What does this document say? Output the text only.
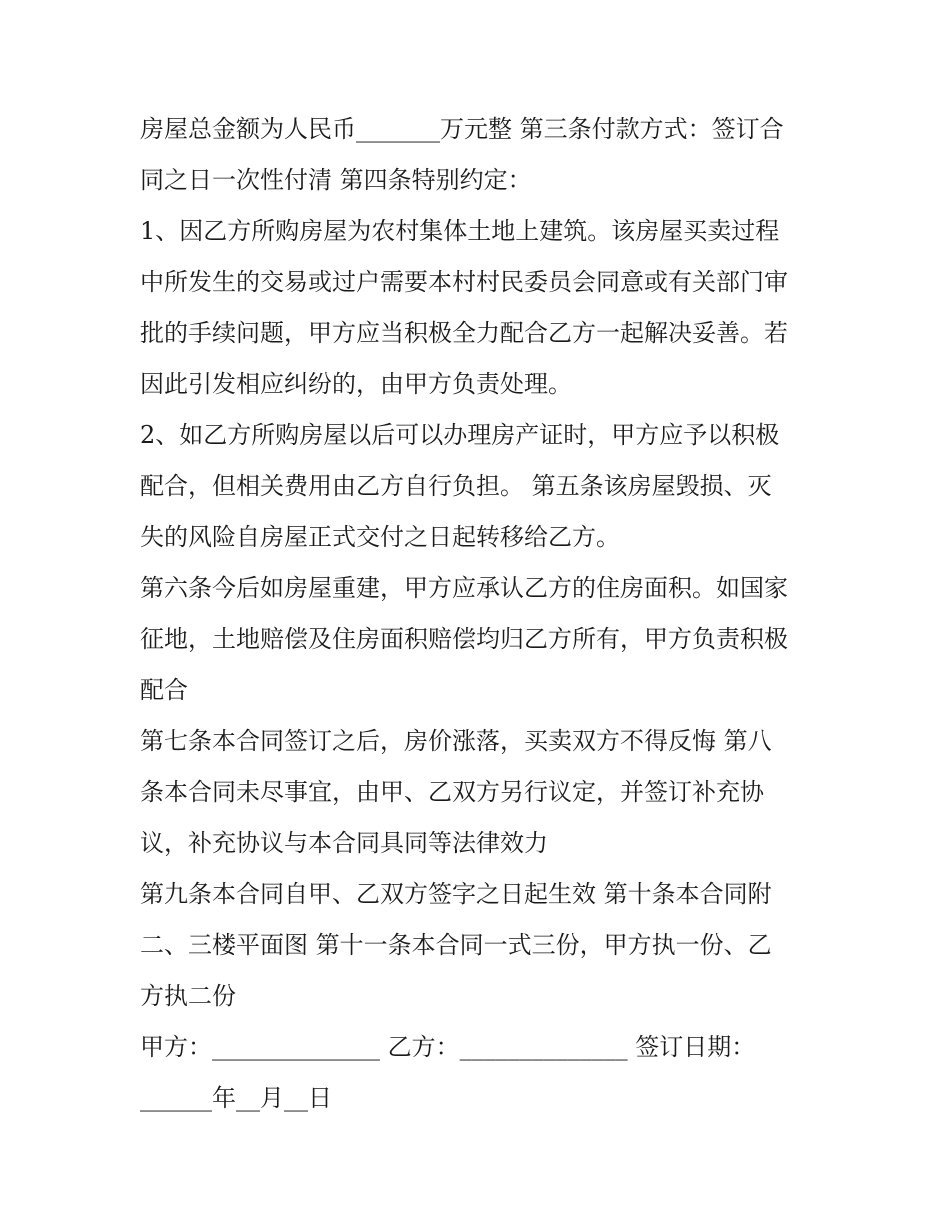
房屋总金额为人民币_______万元整 第三条付款方式：签订合
同之日一次性付清 第四条特别约定：
1、因乙方所购房屋为农村集体土地上建筑。该房屋买卖过程
中所发生的交易或过户需要本村村民委员会同意或有关部门审
批的手续问题，甲方应当积极全力配合乙方一起解决妥善。若
因此引发相应纠纷的，由甲方负责处理。
2、如乙方所购房屋以后可以办理房产证时，甲方应予以积极
配合，但相关费用由乙方自行负担。 第五条该房屋毁损、灭
失的风险自房屋正式交付之日起转移给乙方。
第六条今后如房屋重建，甲方应承认乙方的住房面积。如国家
征地，土地赔偿及住房面积赔偿均归乙方所有，甲方负责积极
配合
第七条本合同签订之后，房价涨落，买卖双方不得反悔 第八
条本合同未尽事宜，由甲、乙双方另行议定，并签订补充协
议，补充协议与本合同具同等法律效力
第九条本合同自甲、乙双方签字之日起生效 第十条本合同附
二、三楼平面图 第十一条本合同一式三份，甲方执一份、乙
方执二份
甲方：______________ 乙方：______________ 签订日期：
______年__月__日
